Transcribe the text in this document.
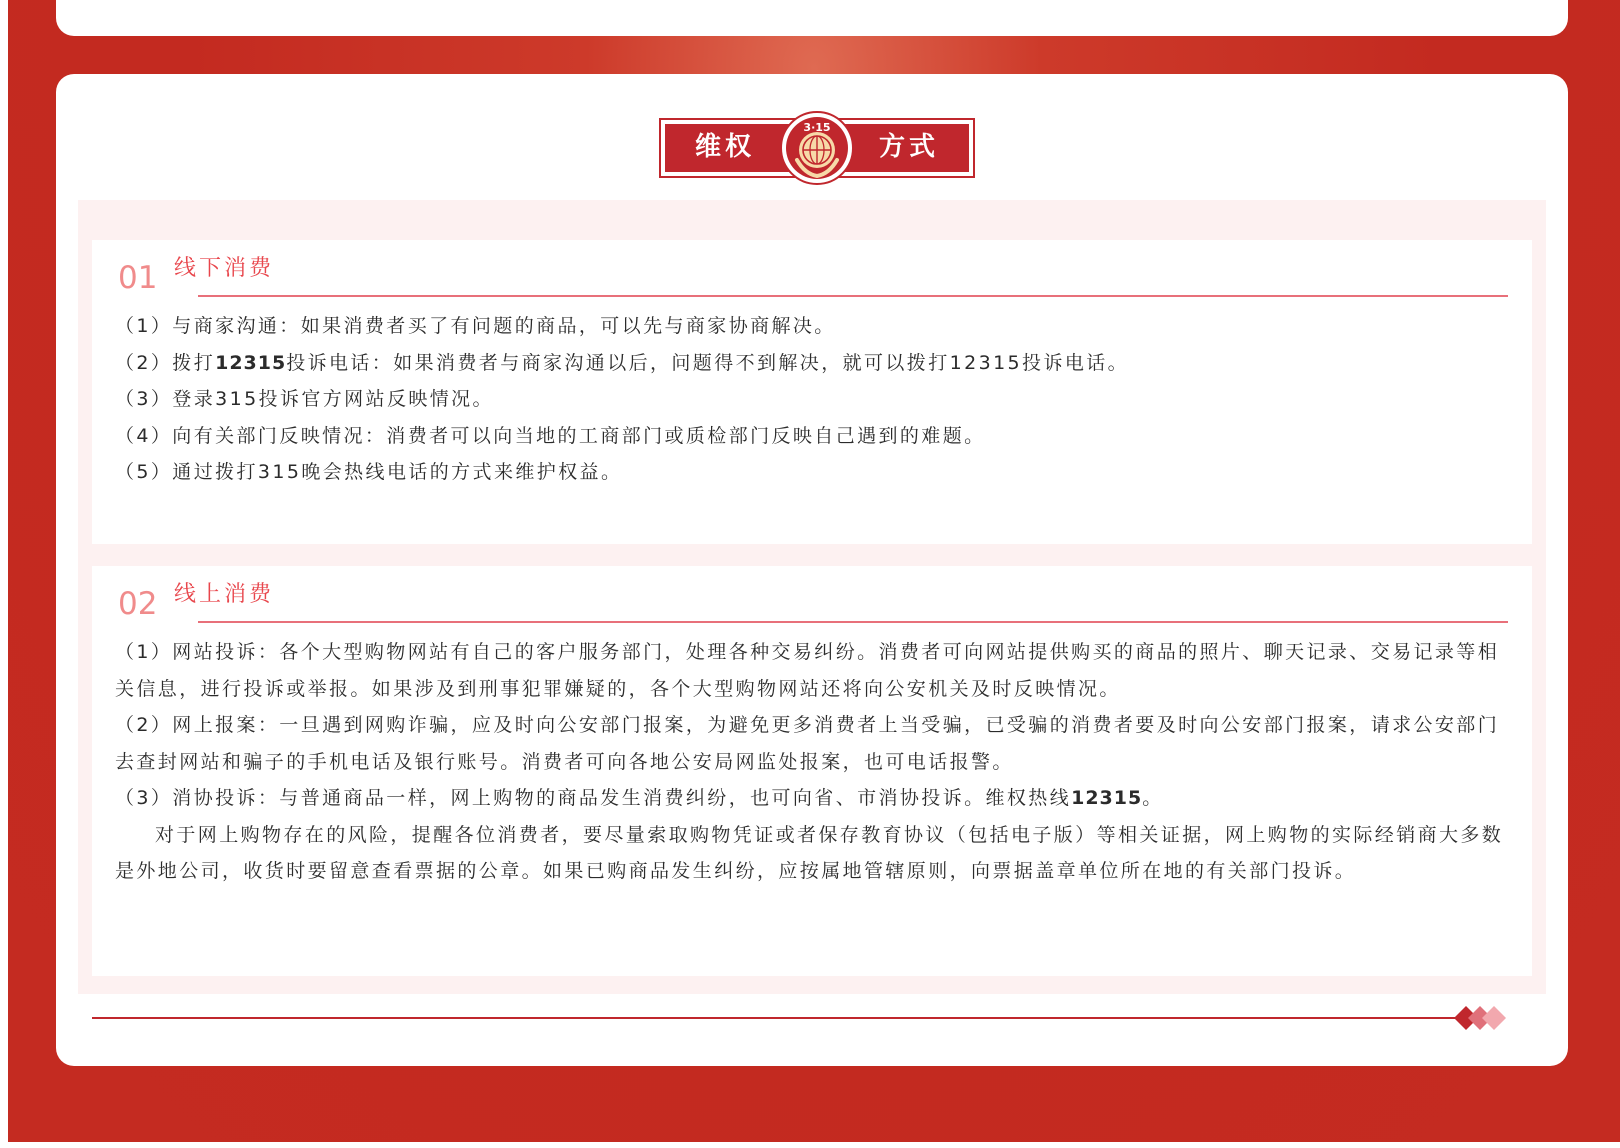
维权	方式
3·15
01 线下消费

（1）与商家沟通：如果消费者买了有问题的商品，可以先与商家协商解决。

（2）拨打12315投诉电话：如果消费者与商家沟通以后，问题得不到解决，就可以拨打12315投诉电话。

（3）登录315投诉官方网站反映情况。

（4）向有关部门反映情况：消费者可以向当地的工商部门或质检部门反映自己遇到的难题。

（5）通过拨打315晚会热线电话的方式来维护权益。

02 线上消费

（1）网站投诉：各个大型购物网站有自己的客户服务部门，处理各种交易纠纷。消费者可向网站提供购买的商品的照片、聊天记录、交易记录等相关信息，进行投诉或举报。如果涉及到刑事犯罪嫌疑的，各个大型购物网站还将向公安机关及时反映情况。

（2）网上报案：一旦遇到网购诈骗，应及时向公安部门报案，为避免更多消费者上当受骗，已受骗的消费者要及时向公安部门报案，请求公安部门去查封网站和骗子的手机电话及银行账号。消费者可向各地公安局网监处报案，也可电话报警。

（3）消协投诉：与普通商品一样，网上购物的商品发生消费纠纷，也可向省、市消协投诉。维权热线12315。

对于网上购物存在的风险，提醒各位消费者，要尽量索取购物凭证或者保存教育协议（包括电子版）等相关证据，网上购物的实际经销商大多数是外地公司，收货时要留意查看票据的公章。如果已购商品发生纠纷，应按属地管辖原则，向票据盖章单位所在地的有关部门投诉。
